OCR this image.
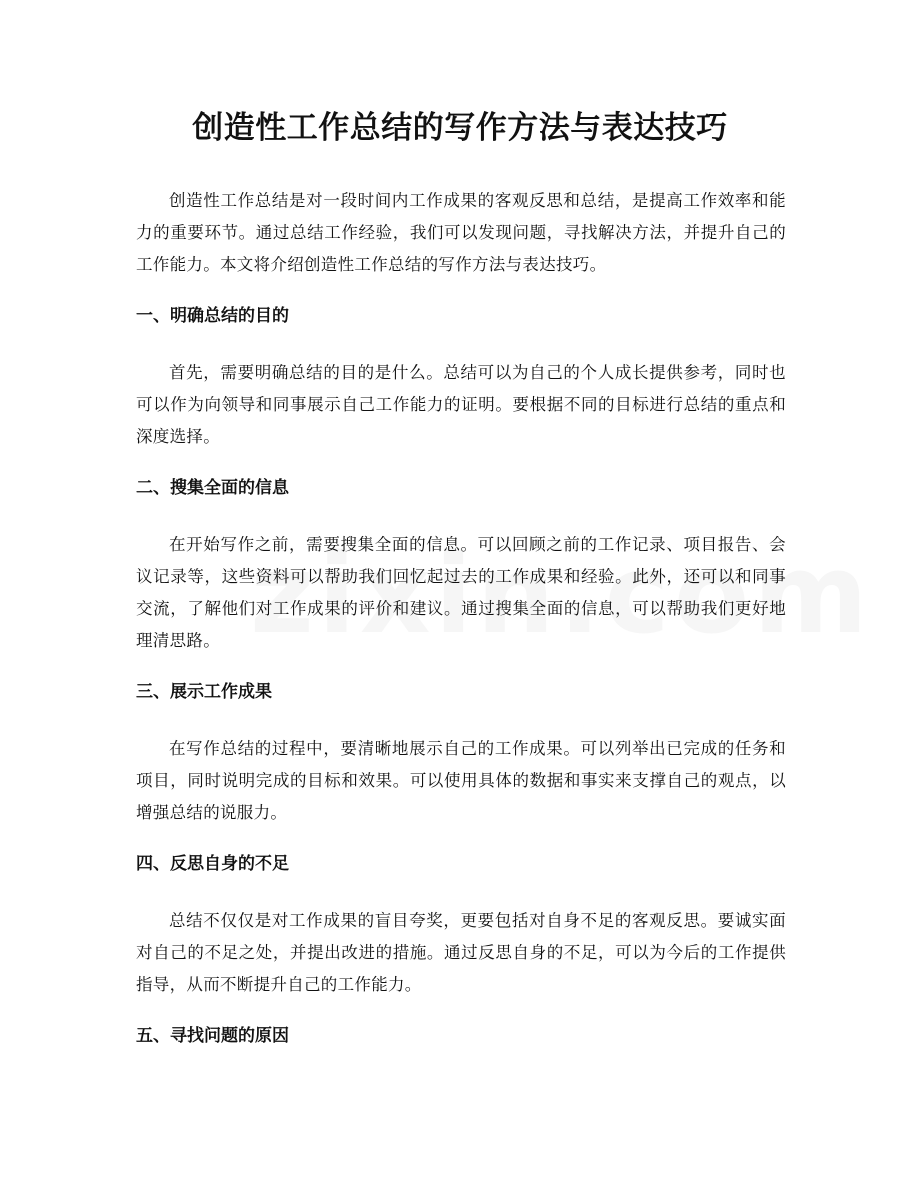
创造性工作总结的写作方法与表达技巧

创造性工作总结是对一段时间内工作成果的客观反思和总结，是提高工作效率和能力的重要环节。通过总结工作经验，我们可以发现问题，寻找解决方法，并提升自己的工作能力。本文将介绍创造性工作总结的写作方法与表达技巧。

一、明确总结的目的

首先，需要明确总结的目的是什么。总结可以为自己的个人成长提供参考，同时也可以作为向领导和同事展示自己工作能力的证明。要根据不同的目标进行总结的重点和深度选择。

二、搜集全面的信息

在开始写作之前，需要搜集全面的信息。可以回顾之前的工作记录、项目报告、会议记录等，这些资料可以帮助我们回忆起过去的工作成果和经验。此外，还可以和同事交流，了解他们对工作成果的评价和建议。通过搜集全面的信息，可以帮助我们更好地理清思路。

三、展示工作成果

在写作总结的过程中，要清晰地展示自己的工作成果。可以列举出已完成的任务和项目，同时说明完成的目标和效果。可以使用具体的数据和事实来支撑自己的观点，以增强总结的说服力。

四、反思自身的不足

总结不仅仅是对工作成果的盲目夸奖，更要包括对自身不足的客观反思。要诚实面对自己的不足之处，并提出改进的措施。通过反思自身的不足，可以为今后的工作提供指导，从而不断提升自己的工作能力。

五、寻找问题的原因
